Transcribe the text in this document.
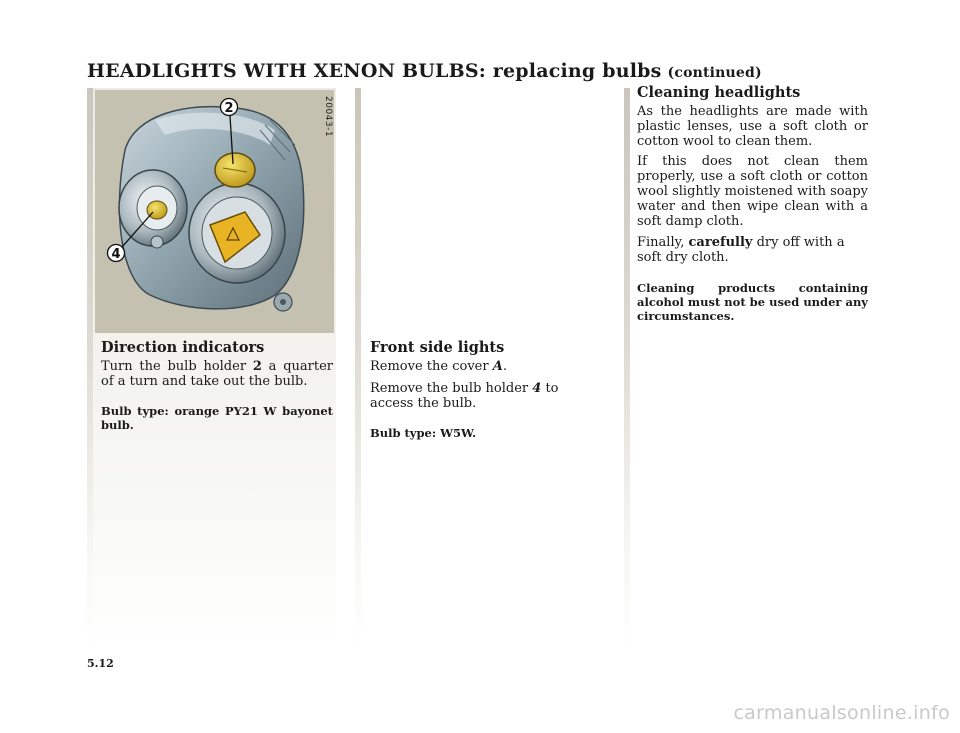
HEADLIGHTS WITH XENON BULBS: replacing bulbs (continued)
2
4
20043-1
Direction indicators

Turn the bulb holder 2 a quarter of a turn and take out the bulb.

Bulb type: orange PY21 W bayonet bulb.

Front side lights

Remove the cover A.

Remove the bulb holder 4 to access the bulb.

Bulb type: W5W.

Cleaning headlights

As the headlights are made with plastic lenses, use a soft cloth or cotton wool to clean them.

If this does not clean them properly, use a soft cloth or cotton wool slightly moistened with soapy water and then wipe clean with a soft damp cloth.

Finally, carefully dry off with a soft dry cloth.

Cleaning products containing alcohol must not be used under any circumstances.

5.12

carmanualsonline.info
